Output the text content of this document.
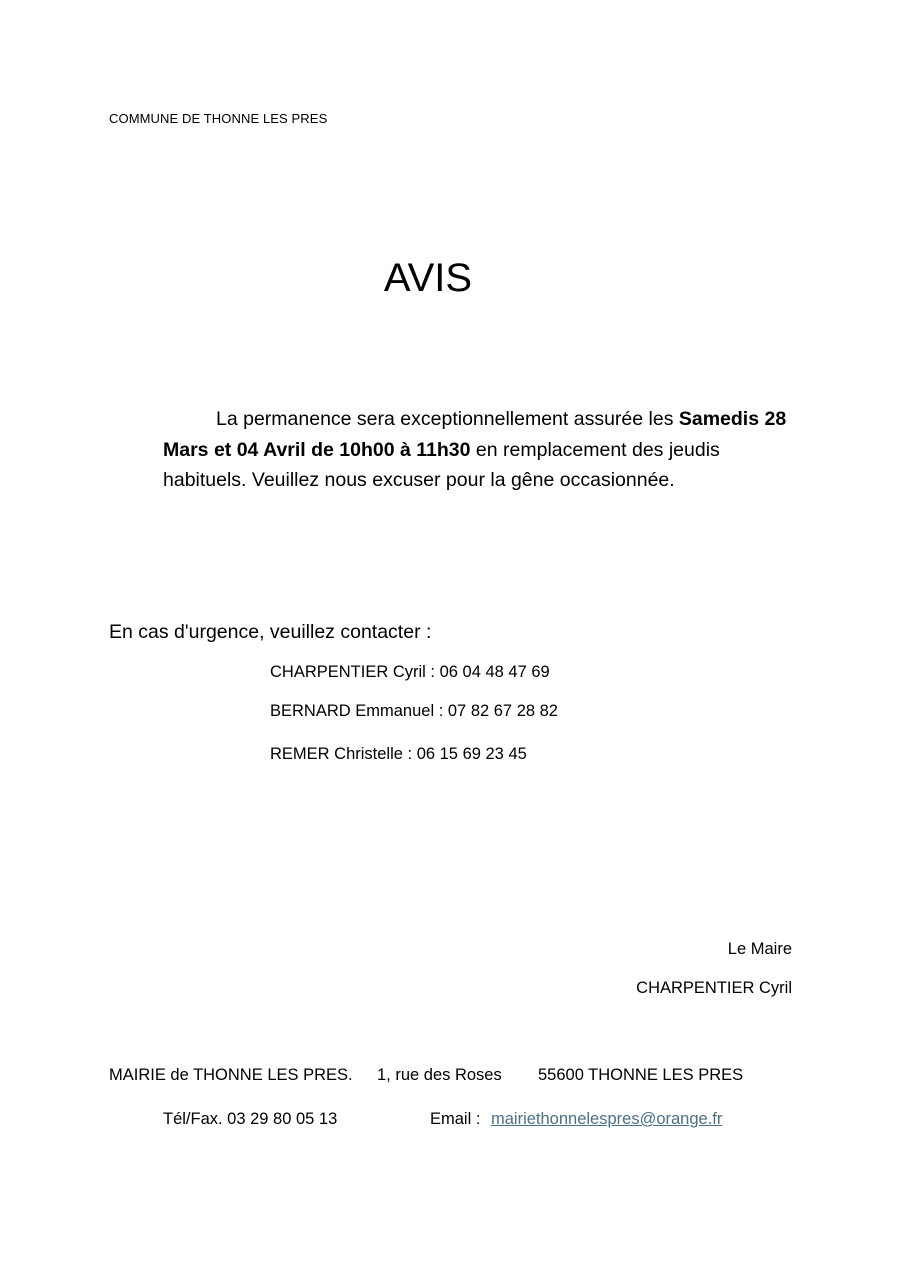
COMMUNE DE THONNE LES PRES
AVIS
La permanence sera exceptionnellement assurée les Samedis 28 Mars et 04 Avril de 10h00 à 11h30 en remplacement des jeudis habituels. Veuillez nous excuser pour la gêne occasionnée.
En cas d'urgence, veuillez contacter :
CHARPENTIER Cyril : 06 04 48 47 69
BERNARD Emmanuel : 07 82 67 28 82
REMER Christelle : 06 15 69 23 45
Le Maire
CHARPENTIER Cyril
MAIRIE de THONNE LES PRES. 1, rue des Roses 55600 THONNE LES PRES
Tél/Fax. 03 29 80 05 13	Email : mairiethonnelespres@orange.fr
